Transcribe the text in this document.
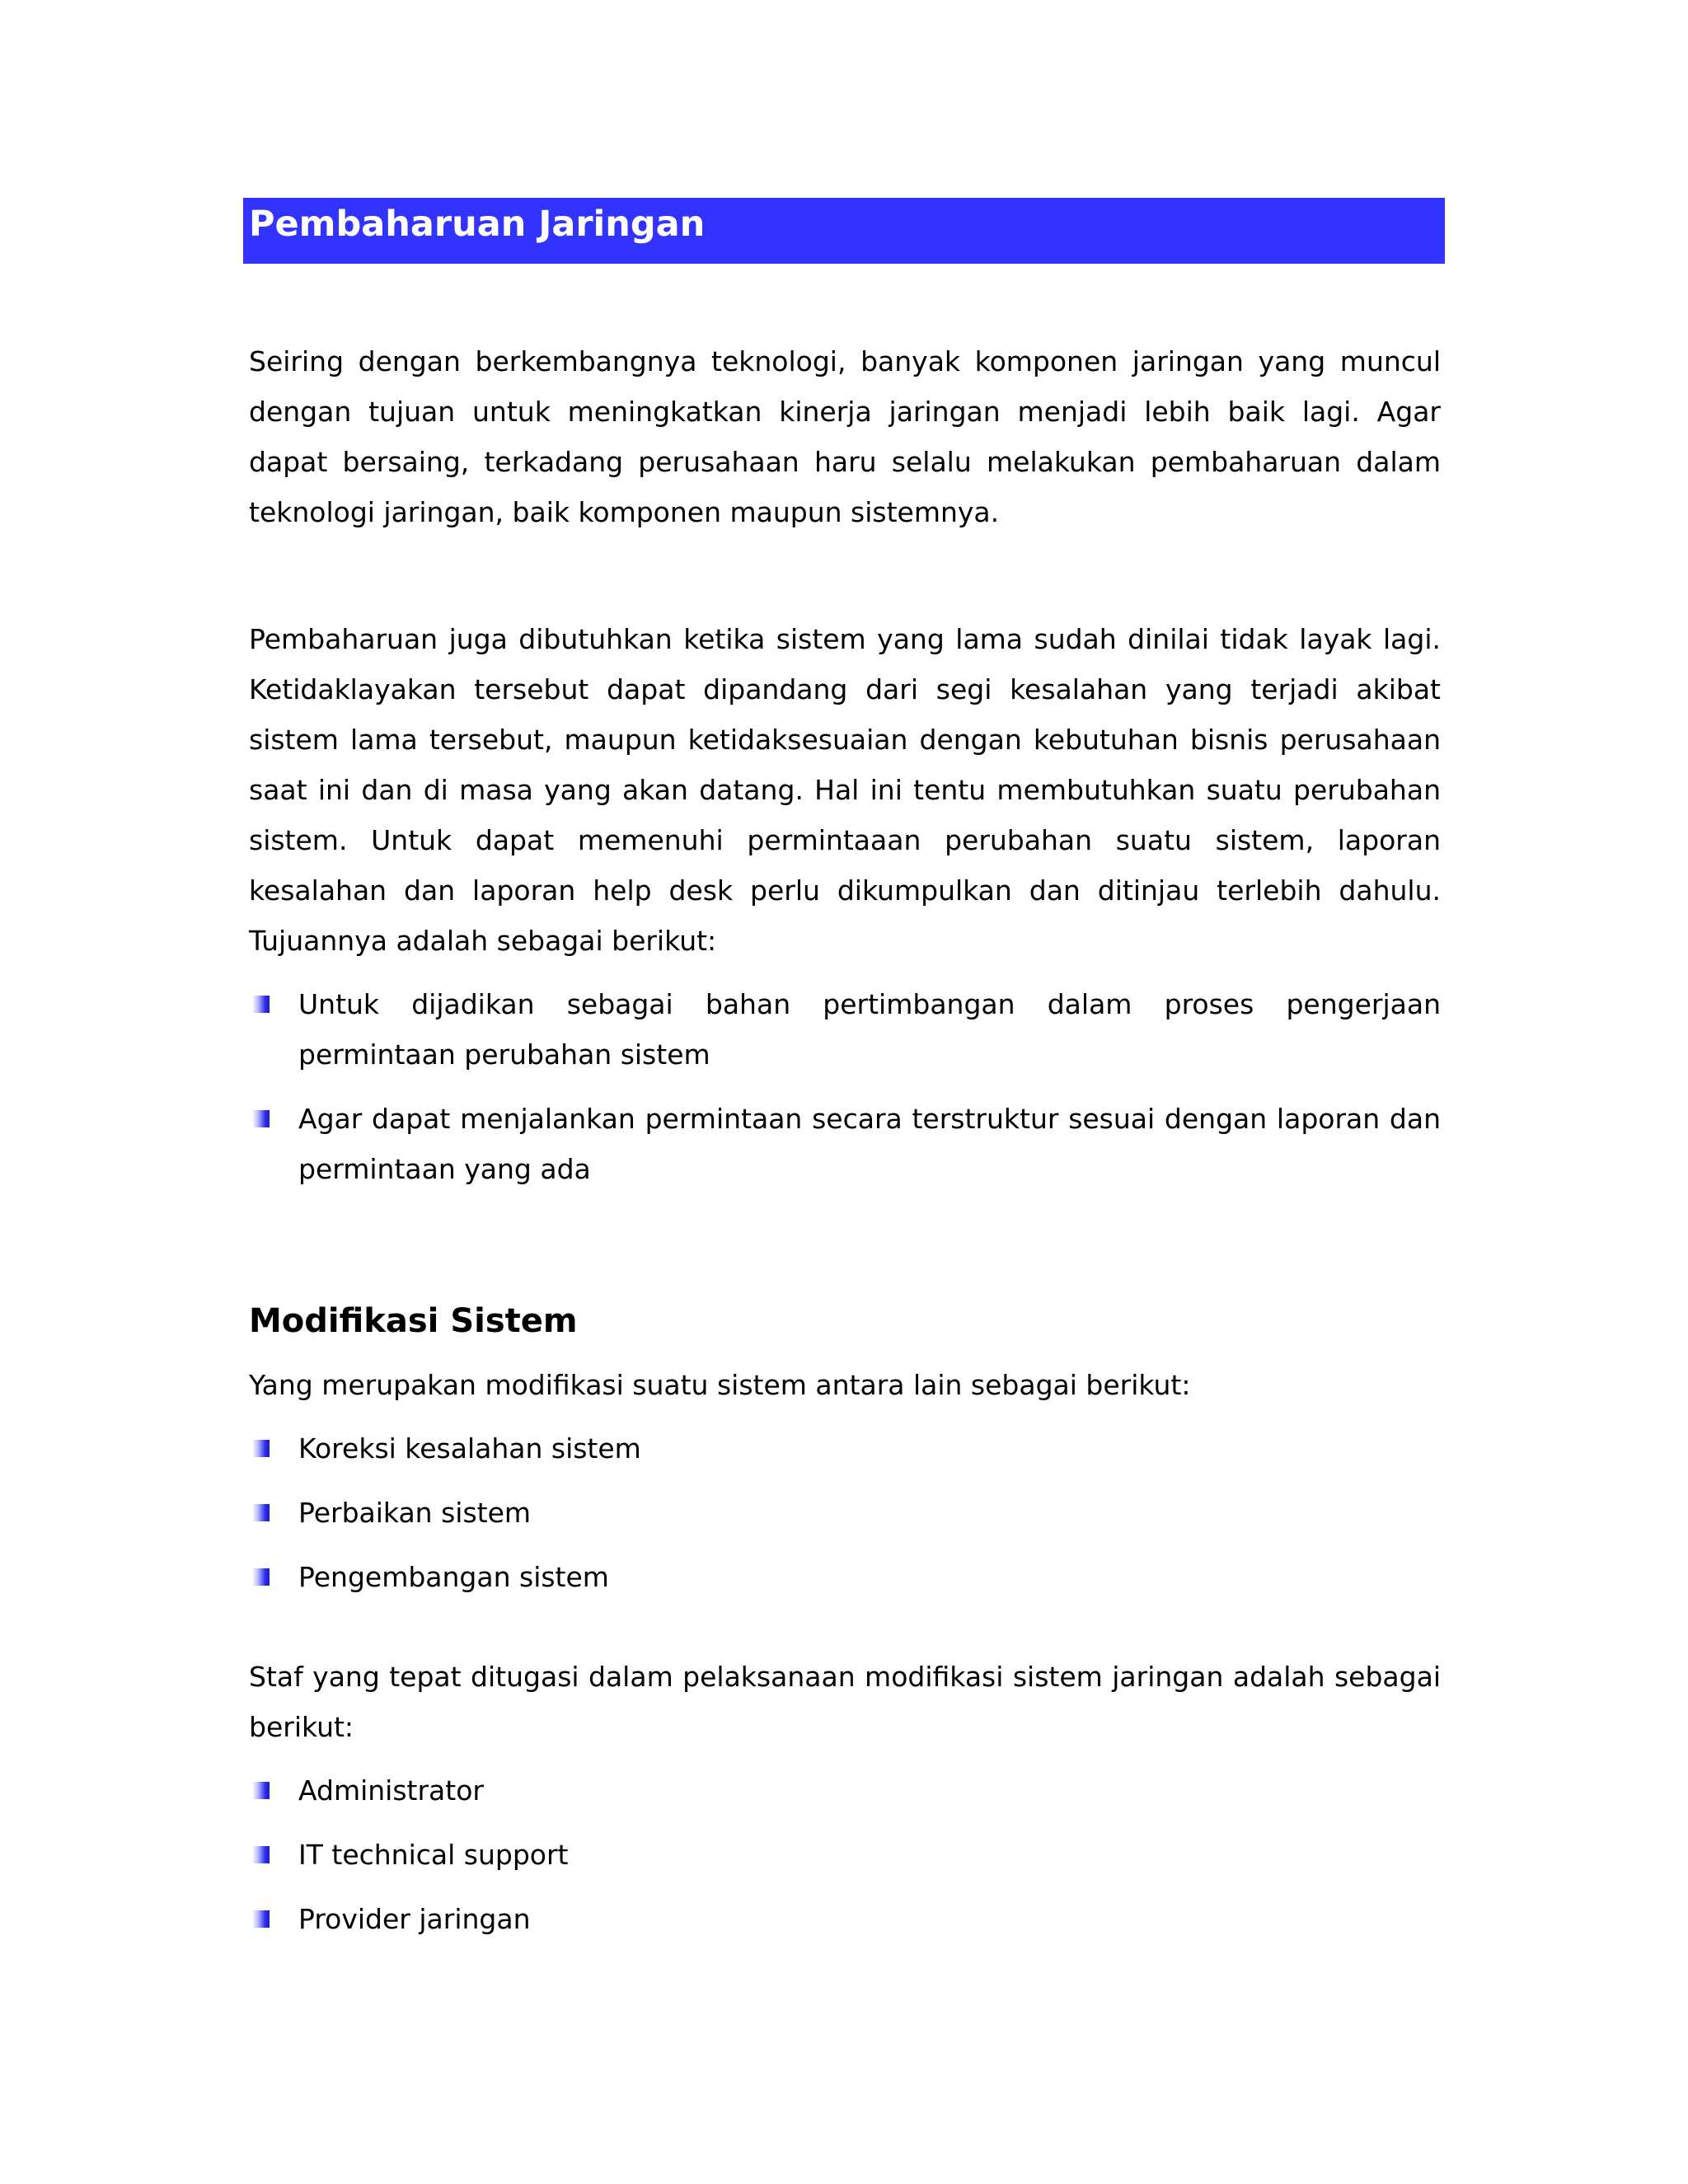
Pembaharuan Jaringan

Seiring dengan berkembangnya teknologi, banyak komponen jaringan yang muncul dengan tujuan untuk meningkatkan kinerja jaringan menjadi lebih baik lagi. Agar dapat bersaing, terkadang perusahaan haru selalu melakukan pembaharuan dalam teknologi jaringan, baik komponen maupun sistemnya.

Pembaharuan juga dibutuhkan ketika sistem yang lama sudah dinilai tidak layak lagi. Ketidaklayakan tersebut dapat dipandang dari segi kesalahan yang terjadi akibat sistem lama tersebut, maupun ketidaksesuaian dengan kebutuhan bisnis perusahaan saat ini dan di masa yang akan datang. Hal ini tentu membutuhkan suatu perubahan sistem. Untuk dapat memenuhi permintaaan perubahan suatu sistem, laporan kesalahan dan laporan help desk perlu dikumpulkan dan ditinjau terlebih dahulu. Tujuannya adalah sebagai berikut:

Untuk dijadikan sebagai bahan pertimbangan dalam proses pengerjaan permintaan perubahan sistem
Agar dapat menjalankan permintaan secara terstruktur sesuai dengan laporan dan permintaan yang ada
Modifikasi Sistem

Yang merupakan modifikasi suatu sistem antara lain sebagai berikut:

Koreksi kesalahan sistem
Perbaikan sistem
Pengembangan sistem

Staf yang tepat ditugasi dalam pelaksanaan modifikasi sistem jaringan adalah sebagai berikut:

Administrator
IT technical support
Provider jaringan
